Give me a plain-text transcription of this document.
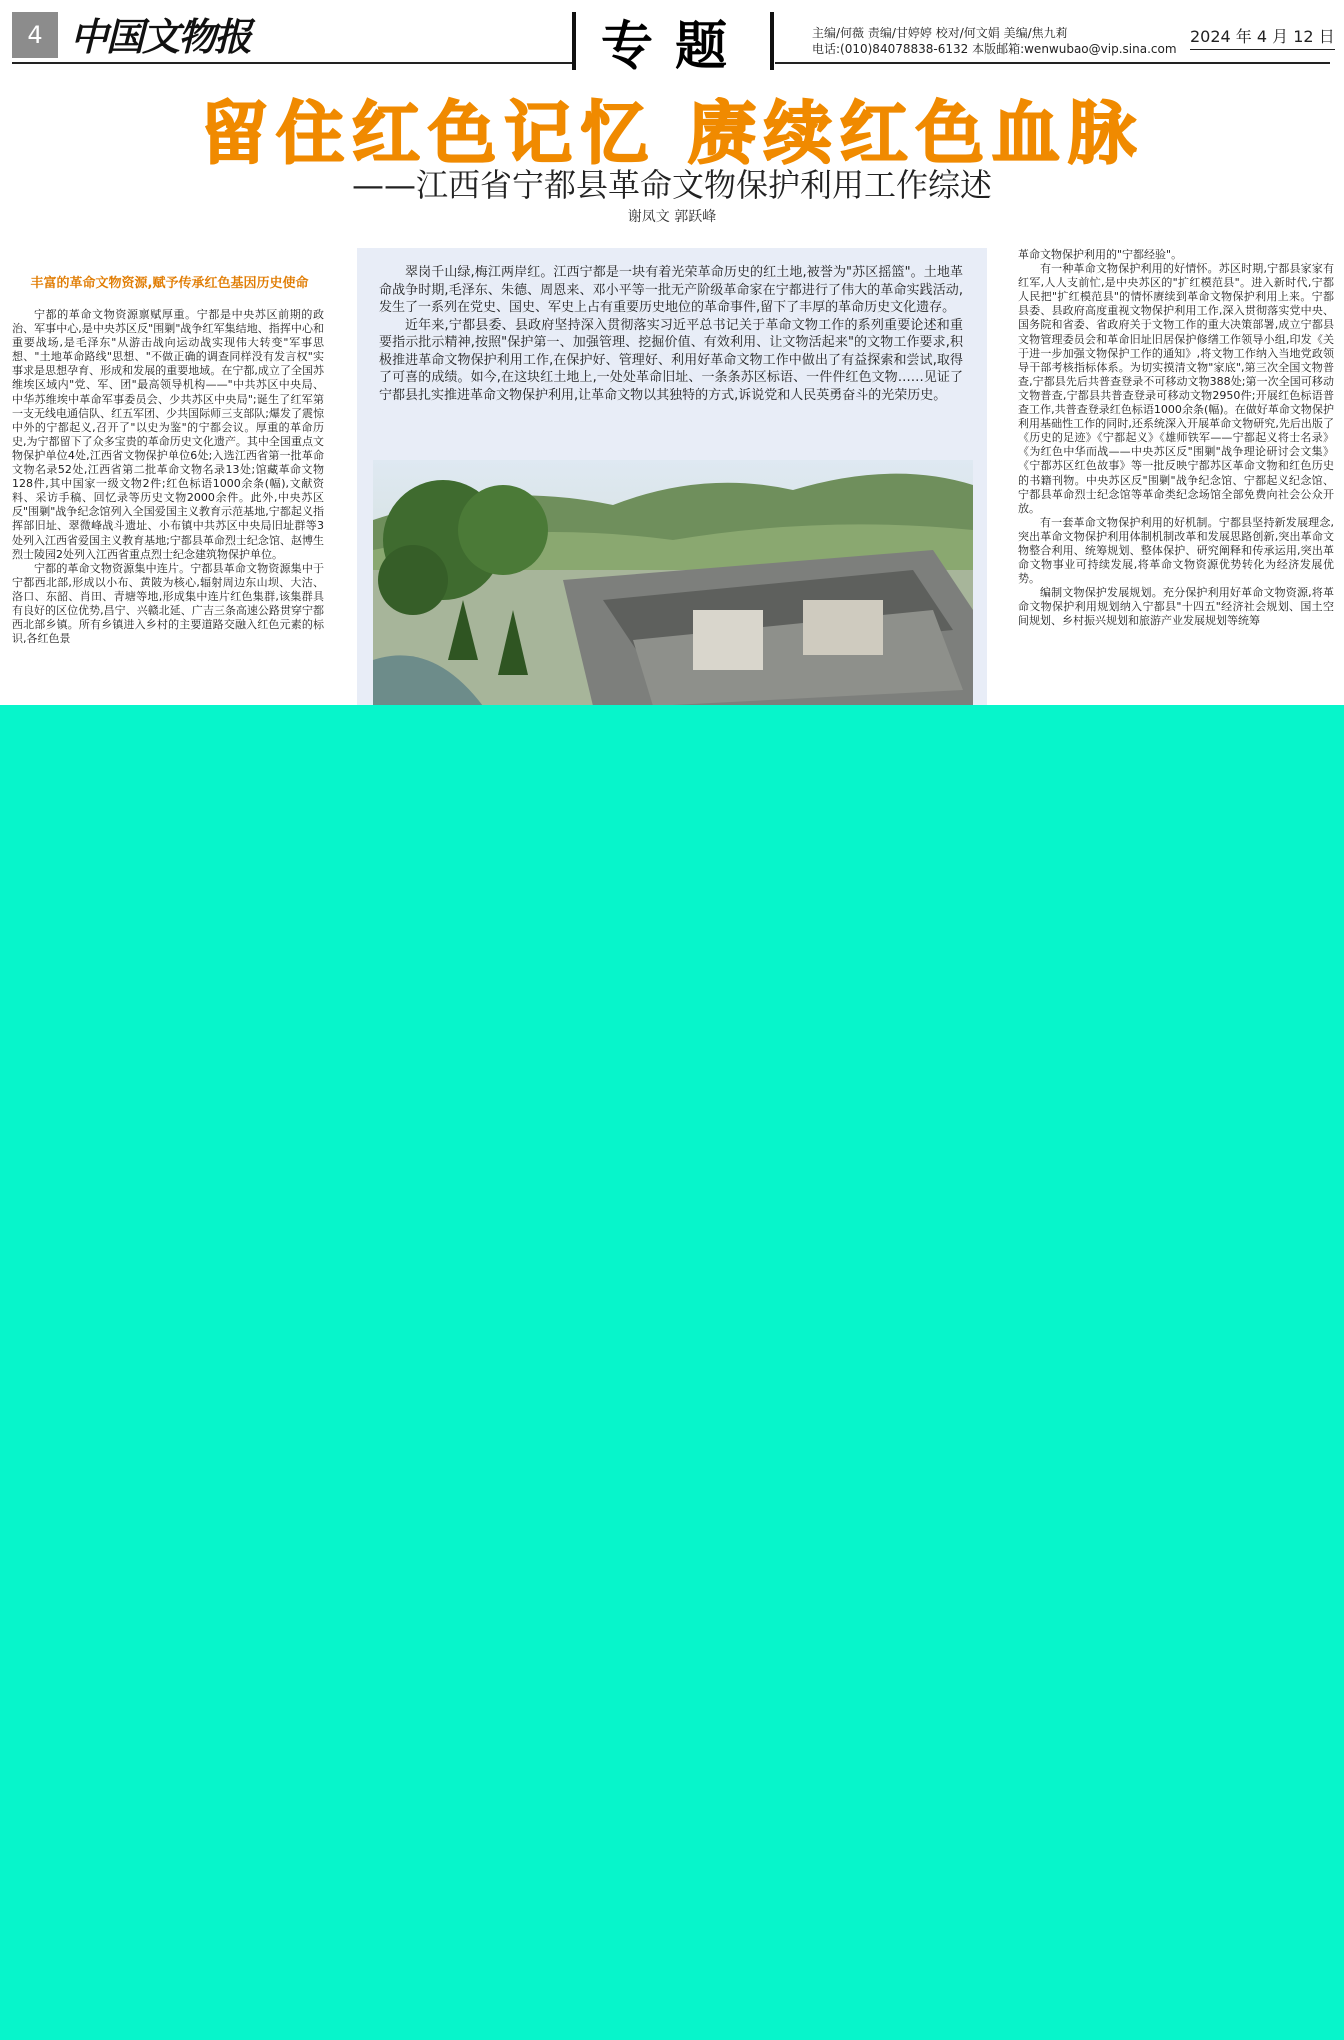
4 中国文物报	专题	主编/何薇 责编/甘婷婷 校对/何文娟 美编/焦九莉
电话:(010)84078838-6132 本版邮箱:wenwubao@vip.sina.com
2024 年 4 月 12 日
留住红色记忆 赓续红色血脉
——江西省宁都县革命文物保护利用工作综述
谢凤文 郭跃峰
丰富的革命文物资源,赋予传承红色基因历史使命

宁都的革命文物资源禀赋厚重。宁都是中央苏区前期的政治、军事中心,是中央苏区反"围剿"战争红军集结地、指挥中心和重要战场,是毛泽东"从游击战向运动战实现伟大转变"军事思想、"土地革命路线"思想、"不做正确的调查同样没有发言权"实事求是思想孕育、形成和发展的重要地域。在宁都,成立了全国苏维埃区域内"党、军、团"最高领导机构——"中共苏区中央局、中华苏维埃中革命军事委员会、少共苏区中央局";诞生了红军第一支无线电通信队、红五军团、少共国际师三支部队;爆发了震惊中外的宁都起义,召开了"以史为鉴"的宁都会议。厚重的革命历史,为宁都留下了众多宝贵的革命历史文化遗产。其中全国重点文物保护单位4处,江西省文物保护单位6处;入选江西省第一批革命文物名录52处,江西省第二批革命文物名录13处;馆藏革命文物128件,其中国家一级文物2件;红色标语1000余条(幅),文献资料、采访手稿、回忆录等历史文物2000余件。此外,中央苏区反"围剿"战争纪念馆列入全国爱国主义教育示范基地,宁都起义指挥部旧址、翠微峰战斗遗址、小布镇中共苏区中央局旧址群等3处列入江西省爱国主义教育基地;宁都县革命烈士纪念馆、赵博生烈士陵园2处列入江西省重点烈士纪念建筑物保护单位。

宁都的革命文物资源集中连片。宁都县革命文物资源集中于宁都西北部,形成以小布、黄陂为核心,辐射周边东山坝、大沽、洛口、东韶、肖田、青塘等地,形成集中连片红色集群,该集群具有良好的区位优势,昌宁、兴赣北延、广吉三条高速公路贯穿宁都西北部乡镇。所有乡镇进入乡村的主要道路交融入红色元素的标识,各红色景

翠岗千山绿,梅江两岸红。江西宁都是一块有着光荣革命历史的红土地,被誉为"苏区摇篮"。土地革命战争时期,毛泽东、朱德、周恩来、邓小平等一批无产阶级革命家在宁都进行了伟大的革命实践活动,发生了一系列在党史、国史、军史上占有重要历史地位的革命事件,留下了丰厚的革命历史文化遗存。

近年来,宁都县委、县政府坚持深入贯彻落实习近平总书记关于革命文物工作的系列重要论述和重要指示批示精神,按照"保护第一、加强管理、挖掘价值、有效利用、让文物活起来"的文物工作要求,积极推进革命文物保护利用工作,在保护好、管理好、利用好革命文物工作中做出了有益探索和尝试,取得了可喜的成绩。如今,在这块红土地上,一处处革命旧址、一条条苏区标语、一件件红色文物……见证了宁都县扎实推进革命文物保护利用,让革命文物以其独特的方式,诉说党和人民英勇奋斗的光荣历史。

革命文物保护利用的"宁都经验"。

有一种革命文物保护利用的好情怀。苏区时期,宁都县家家有红军,人人支前忙,是中央苏区的"扩红模范县"。进入新时代,宁都人民把"扩红模范县"的情怀赓续到革命文物保护利用上来。宁都县委、县政府高度重视文物保护利用工作,深入贯彻落实党中央、国务院和省委、省政府关于文物工作的重大决策部署,成立宁都县文物管理委员会和革命旧址旧居保护修缮工作领导小组,印发《关于进一步加强文物保护工作的通知》,将文物工作纳入当地党政领导干部考核指标体系。为切实摸清文物"家底",第三次全国文物普查,宁都县先后共普查登录不可移动文物388处;第一次全国可移动文物普查,宁都县共普查登录可移动文物2950件;开展红色标语普查工作,共普查登录红色标语1000余条(幅)。在做好革命文物保护利用基础性工作的同时,还系统深入开展革命文物研究,先后出版了《历史的足迹》《宁都起义》《雄师铁军——宁都起义将士名录》《为红色中华而战——中央苏区反"围剿"战争理论研讨会文集》《宁都苏区红色故事》等一批反映宁都苏区革命文物和红色历史的书籍刊物。中央苏区反"围剿"战争纪念馆、宁都起义纪念馆、宁都县革命烈士纪念馆等革命类纪念场馆全部免费向社会公众开放。

有一套革命文物保护利用的好机制。宁都县坚持新发展理念,突出革命文物保护利用体制机制改革和发展思路创新,突出革命文物整合利用、统筹规划、整体保护、研究阐释和传承运用,突出革命文物事业可持续发展,将革命文物资源优势转化为经济发展优势。

编制文物保护发展规划。充分保护利用好革命文物资源,将革命文物保护利用规划纳入宁都县"十四五"经济社会规划、国土空间规划、乡村振兴规划和旅游产业发展规划等统筹
